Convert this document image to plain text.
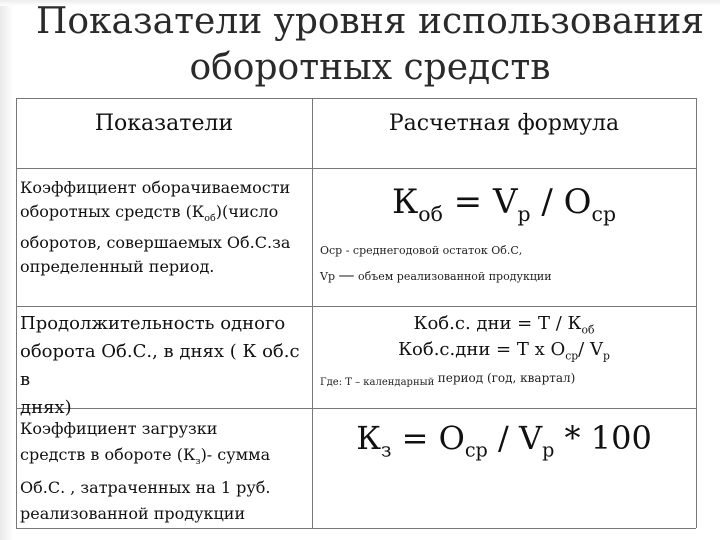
Показатели уровня использования
оборотных средств
Показатели	Расчетная формула
Коэффициент оборачиваемости
оборотных средств $(К_{об})(число$
оборотов, совершаемых Об.С.за
определенный период.
$К_{об} = V_р / О_{ср}$
Оср - среднегодовой остаток Об.С,
Vр — объем реализованной продукции
Продолжительность одного
оборота Об.С., в днях ( К об.с в
днях)
Коб.с. дни = Т / $К_{об}$
Коб.с.дни = Т х $О_{ср}/$ $V_р$
Где: Т – календарный период (год, квартал)
Коэффициент загрузки
средств в обороте $(К_з)-$ сумма
Об.С. , затраченных на 1 руб.
реализованной продукции
$К_з = О_{ср} / V_р * 100$
